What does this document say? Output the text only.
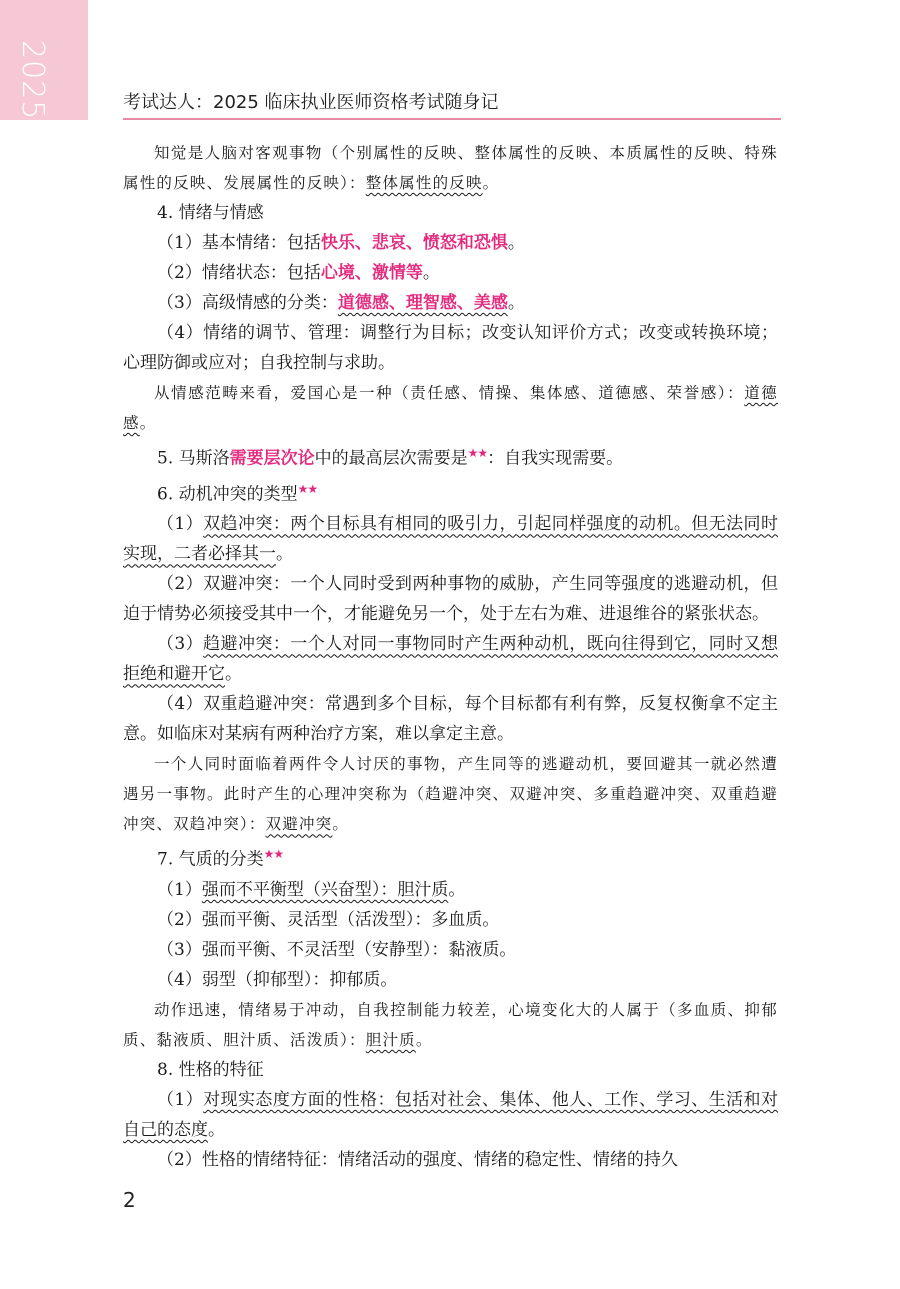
2025	考试达人：2025 临床执业医师资格考试随身记

知觉是人脑对客观事物（个别属性的反映、整体属性的反映、本质属性的反映、特殊属性的反映、发展属性的反映）：整体属性的反映。

4. 情绪与情感

（1）基本情绪：包括快乐、悲哀、愤怒和恐惧。

（2）情绪状态：包括心境、激情等。

（3）高级情感的分类：道德感、理智感、美感。

（4）情绪的调节、管理：调整行为目标；改变认知评价方式；改变或转换环境；心理防御或应对；自我控制与求助。

从情感范畴来看，爱国心是一种（责任感、情操、集体感、道德感、荣誉感）：道德感。

5. 马斯洛需要层次论中的最高层次需要是★★：自我实现需要。

6. 动机冲突的类型★★

（1）双趋冲突：两个目标具有相同的吸引力，引起同样强度的动机。但无法同时实现，二者必择其一。

（2）双避冲突：一个人同时受到两种事物的威胁，产生同等强度的逃避动机，但迫于情势必须接受其中一个，才能避免另一个，处于左右为难、进退维谷的紧张状态。

（3）趋避冲突：一个人对同一事物同时产生两种动机，既向往得到它，同时又想拒绝和避开它。

（4）双重趋避冲突：常遇到多个目标，每个目标都有利有弊，反复权衡拿不定主意。如临床对某病有两种治疗方案，难以拿定主意。

一个人同时面临着两件令人讨厌的事物，产生同等的逃避动机，要回避其一就必然遭遇另一事物。此时产生的心理冲突称为（趋避冲突、双避冲突、多重趋避冲突、双重趋避冲突、双趋冲突）：双避冲突。

7. 气质的分类★★

（1）强而不平衡型（兴奋型）：胆汁质。

（2）强而平衡、灵活型（活泼型）：多血质。

（3）强而平衡、不灵活型（安静型）：黏液质。

（4）弱型（抑郁型）：抑郁质。

动作迅速，情绪易于冲动，自我控制能力较差，心境变化大的人属于（多血质、抑郁质、黏液质、胆汁质、活泼质）：胆汁质。

8. 性格的特征

（1）对现实态度方面的性格：包括对社会、集体、他人、工作、学习、生活和对自己的态度。

（2）性格的情绪特征：情绪活动的强度、情绪的稳定性、情绪的持久

2
